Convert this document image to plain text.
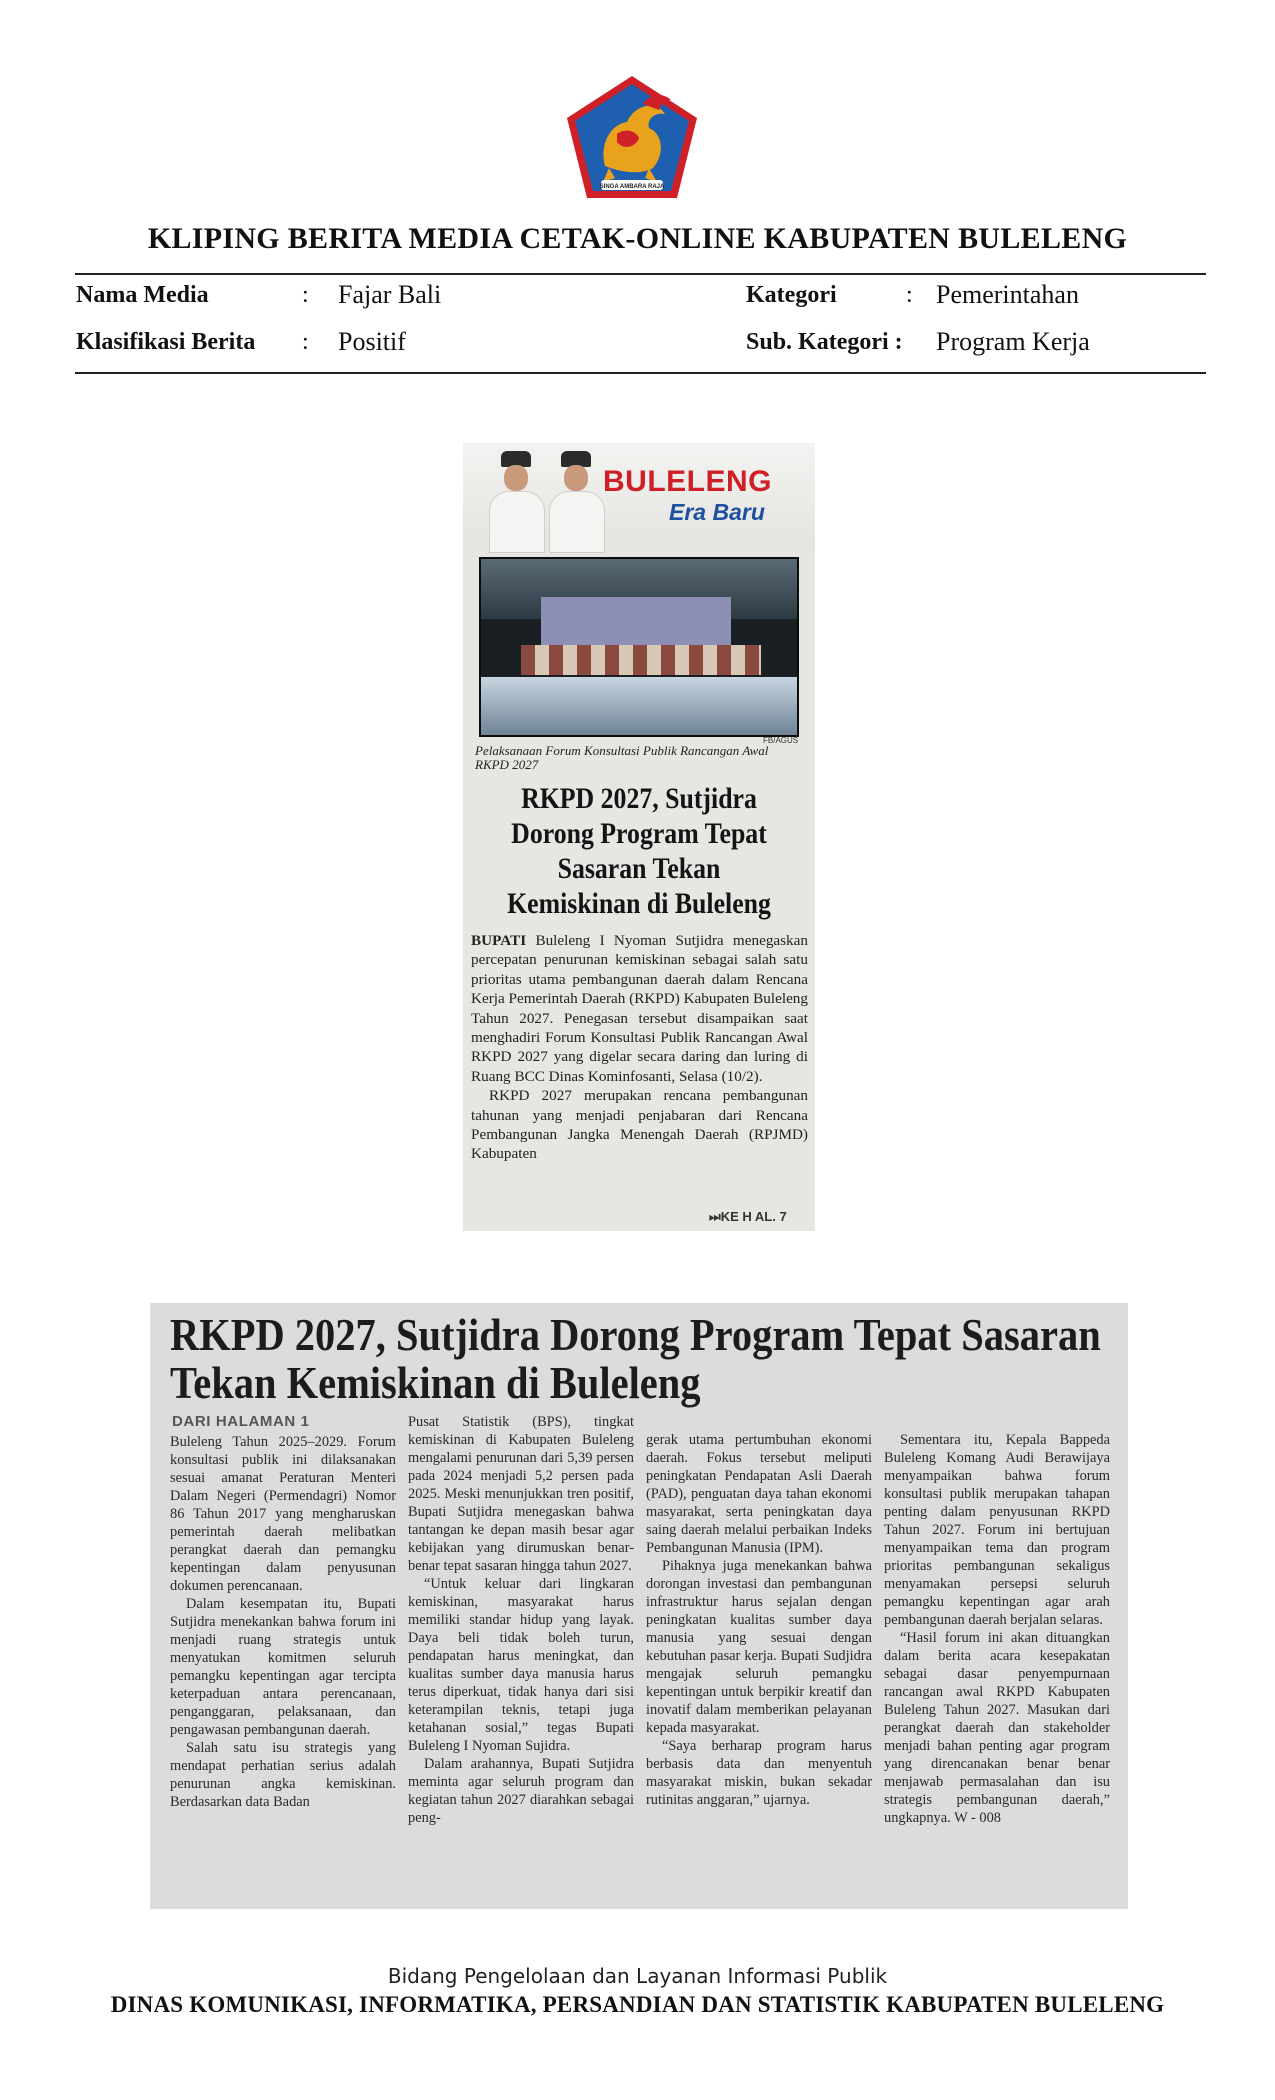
SINGA AMBARA RAJA
KLIPING BERITA MEDIA CETAK-ONLINE KABUPATEN BULELENG
Nama Media	: Fajar Bali	Kategori	: Pemerintahan
Klasifikasi Berita : Positif	Sub. Kategori : Program Kerja
BULELENG
Era Baru
FB/AGUS
Pelaksanaan Forum Konsultasi Publik Rancangan Awal RKPD 2027
RKPD 2027, Sutjidra Dorong Program Tepat Sasaran Tekan Kemiskinan di Buleleng

BUPATI Buleleng I Nyoman Sutjidra menegaskan percepatan penurunan kemiskinan sebagai salah satu prioritas utama pembangunan daerah dalam Rencana Kerja Pemerintah Daerah (RKPD) Kabupaten Buleleng Tahun 2027. Penegasan tersebut disampaikan saat menghadiri Forum Konsultasi Publik Rancangan Awal RKPD 2027 yang digelar secara daring dan luring di Ruang BCC Dinas Kominfosanti, Selasa (10/2).

RKPD 2027 merupakan rencana pembangunan tahunan yang menjadi penjabaran dari Rencana Pembangunan Jangka Menengah Daerah (RPJMD) Kabupaten

⏭KE H AL. 7
RKPD 2027, Sutjidra Dorong Program Tepat Sasaran Tekan Kemiskinan di Buleleng
DARI HALAMAN 1

Buleleng Tahun 2025–2029. Forum konsultasi publik ini dilaksanakan sesuai amanat Peraturan Menteri Dalam Negeri (Permendagri) Nomor 86 Tahun 2017 yang mengharuskan pemerintah daerah melibatkan perangkat daerah dan pemangku kepentingan dalam penyusunan dokumen perencanaan.

Dalam kesempatan itu, Bupati Sutjidra menekankan bahwa forum ini menjadi ruang strategis untuk menyatukan komitmen seluruh pemangku kepentingan agar tercipta keterpaduan antara perencanaan, penganggaran, pelaksanaan, dan pengawasan pembangunan daerah.

Salah satu isu strategis yang mendapat perhatian serius adalah penurunan angka kemiskinan. Berdasarkan data Badan

Pusat Statistik (BPS), tingkat kemiskinan di Kabupaten Buleleng mengalami penurunan dari 5,39 persen pada 2024 menjadi 5,2 persen pada 2025. Meski menunjukkan tren positif, Bupati Sutjidra menegaskan bahwa tantangan ke depan masih besar agar kebijakan yang dirumuskan benar-benar tepat sasaran hingga tahun 2027.

“Untuk keluar dari lingkaran kemiskinan, masyarakat harus memiliki standar hidup yang layak. Daya beli tidak boleh turun, pendapatan harus meningkat, dan kualitas sumber daya manusia harus terus diperkuat, tidak hanya dari sisi keterampilan teknis, tetapi juga ketahanan sosial,” tegas Bupati Buleleng I Nyoman Sujidra.

Dalam arahannya, Bupati Sutjidra meminta agar seluruh program dan kegiatan tahun 2027 diarahkan sebagai peng-

gerak utama pertumbuhan ekonomi daerah. Fokus tersebut meliputi peningkatan Pendapatan Asli Daerah (PAD), penguatan daya tahan ekonomi masyarakat, serta peningkatan daya saing daerah melalui perbaikan Indeks Pembangunan Manusia (IPM).

Pihaknya juga menekankan bahwa dorongan investasi dan pembangunan infrastruktur harus sejalan dengan peningkatan kualitas sumber daya manusia yang sesuai dengan kebutuhan pasar kerja. Bupati Sudjidra mengajak seluruh pemangku kepentingan untuk berpikir kreatif dan inovatif dalam memberikan pelayanan kepada masyarakat.

“Saya berharap program harus berbasis data dan menyentuh masyarakat miskin, bukan sekadar rutinitas anggaran,” ujarnya.

Sementara itu, Kepala Bappeda Buleleng Komang Audi Berawijaya menyampaikan bahwa forum konsultasi publik merupakan tahapan penting dalam penyusunan RKPD Tahun 2027. Forum ini bertujuan menyampaikan tema dan program prioritas pembangunan sekaligus menyamakan persepsi seluruh pemangku kepentingan agar arah pembangunan daerah berjalan selaras.

“Hasil forum ini akan dituangkan dalam berita acara kesepakatan sebagai dasar penyempurnaan rancangan awal RKPD Kabupaten Buleleng Tahun 2027. Masukan dari perangkat daerah dan stakeholder menjadi bahan penting agar program yang direncanakan benar benar menjawab permasalahan dan isu strategis pembangunan daerah,” ungkapnya. W - 008

Bidang Pengelolaan dan Layanan Informasi Publik
DINAS KOMUNIKASI, INFORMATIKA, PERSANDIAN DAN STATISTIK KABUPATEN BULELENG
